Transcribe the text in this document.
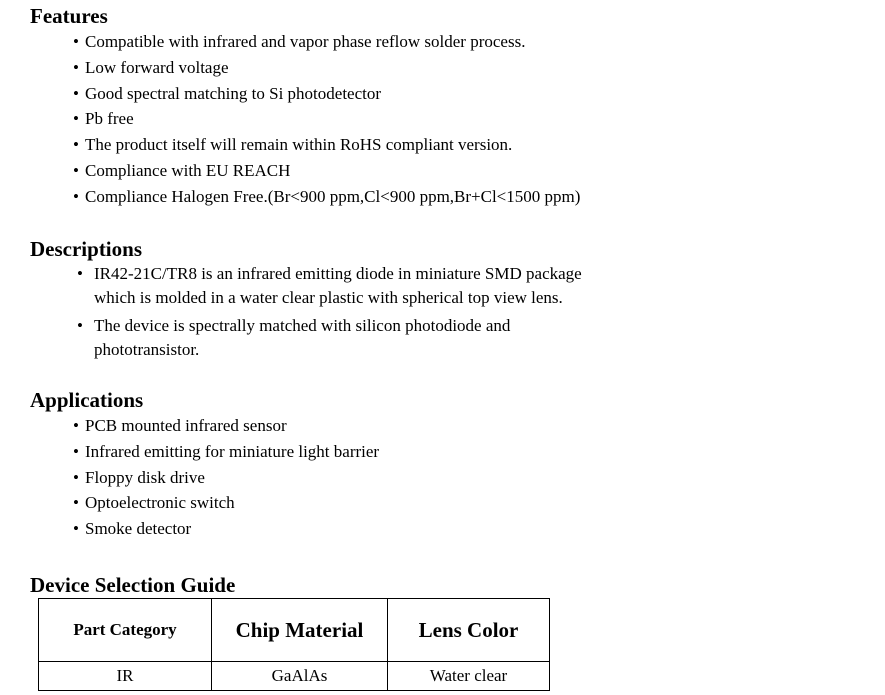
Features
• Compatible with infrared and vapor phase reflow solder process.
• Low forward voltage
• Good spectral matching to Si photodetector
• Pb free
• The product itself will remain within RoHS compliant version.
• Compliance with EU REACH
• Compliance Halogen Free.(Br<900 ppm,Cl<900 ppm,Br+Cl<1500 ppm)
Descriptions
• IR42-21C/TR8 is an infrared emitting diode in miniature SMD package which is molded in a water clear plastic with spherical top view lens.
• The device is spectrally matched with silicon photodiode and phototransistor.
Applications
• PCB mounted infrared sensor
• Infrared emitting for miniature light barrier
• Floppy disk drive
• Optoelectronic switch
• Smoke detector
Device Selection Guide
Part Category	Chip Material	Lens Color
IR	GaAlAs	Water clear
